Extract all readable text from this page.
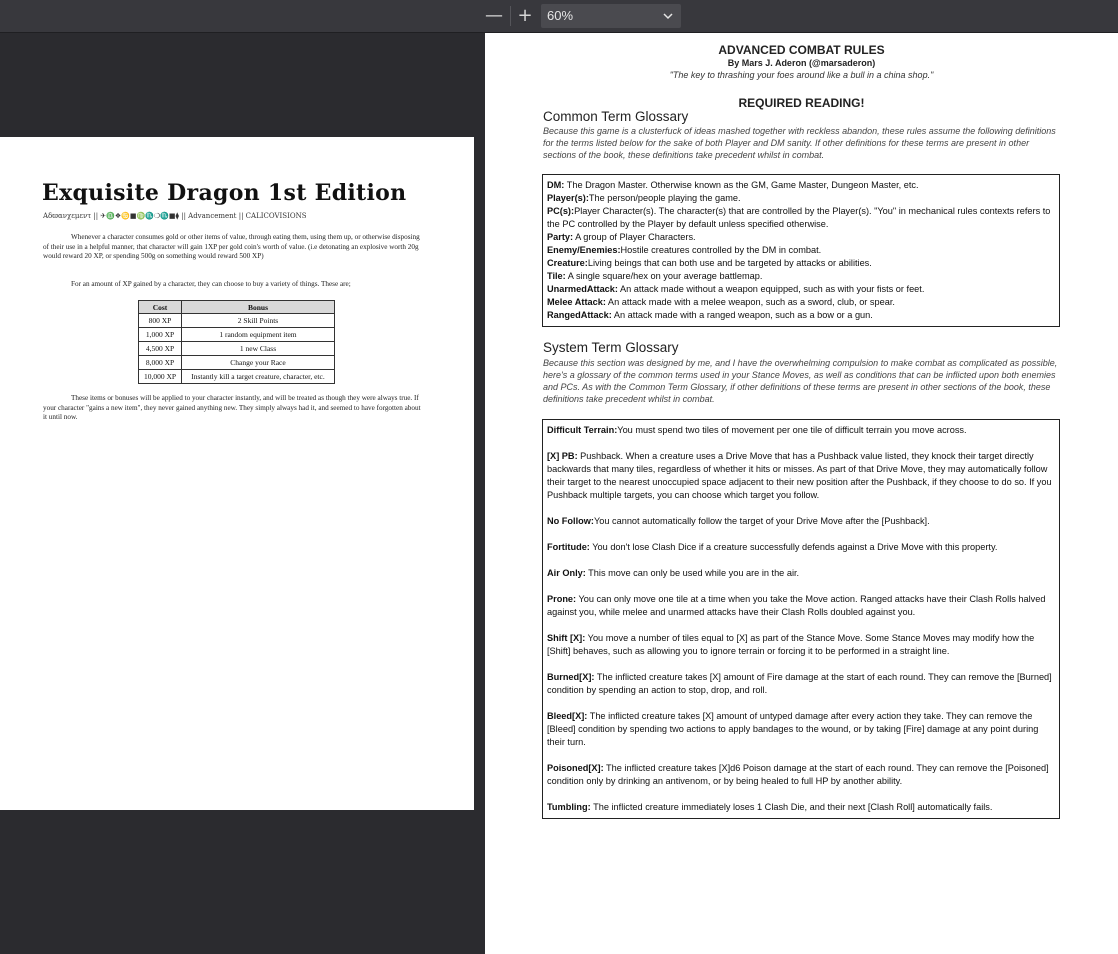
— +	60%
Exquisite Dragon 1st Edition
Aδϖανχεμεντ || ✈♎❖♋■♍♏❍♏■⧫ || Advancement || CALICOVISIONS

Whenever a character consumes gold or other items of value, through eating them, using them up, or otherwise disposing of their use in a helpful manner, that character will gain 1XP per gold coin's worth of value. (i.e detonating an explosive worth 20g would reward 20 XP, or spending 500g on something would reward 500 XP)

For an amount of XP gained by a character, they can choose to buy a variety of things. These are;

Cost	Bonus
800 XP	2 Skill Points
1,000 XP	1 random equipment item
4,500 XP	1 new Class
8,000 XP	Change your Race
10,000 XP	Instantly kill a target creature, character, etc.

These items or bonuses will be applied to your character instantly, and will be treated as though they were always true. If your character "gains a new item", they never gained anything new. They simply always had it, and seemed to have forgotten about it until now.

ADVANCED COMBAT RULES
By Mars J. Aderon (@marsaderon)
"The key to thrashing your foes around like a bull in a china shop."
REQUIRED READING!
Common Term Glossary

Because this game is a clusterfuck of ideas mashed together with reckless abandon, these rules assume the following definitions for the terms listed below for the sake of both Player and DM sanity. If other definitions for these terms are present in other sections of the book, these definitions take precedent whilst in combat.

DM: The Dragon Master. Otherwise known as the GM, Game Master, Dungeon Master, etc.

Player(s):The person/people playing the game.

PC(s):Player Character(s). The character(s) that are controlled by the Player(s). "You" in mechanical rules contexts refers to the PC controlled by the Player by default unless specified otherwise.

Party: A group of Player Characters.

Enemy/Enemies:Hostile creatures controlled by the DM in combat.

Creature:Living beings that can both use and be targeted by attacks or abilities.

Tile: A single square/hex on your average battlemap.

UnarmedAttack: An attack made without a weapon equipped, such as with your fists or feet.

Melee Attack: An attack made with a melee weapon, such as a sword, club, or spear.

RangedAttack: An attack made with a ranged weapon, such as a bow or a gun.

System Term Glossary

Because this section was designed by me, and I have the overwhelming compulsion to make combat as complicated as possible, here's a glossary of the common terms used in your Stance Moves, as well as conditions that can be inflicted upon both enemies and PCs. As with the Common Term Glossary, if other definitions of these terms are present in other sections of the book, these definitions take precedent whilst in combat.

Difficult Terrain:You must spend two tiles of movement per one tile of difficult terrain you move across.

[X] PB: Pushback. When a creature uses a Drive Move that has a Pushback value listed, they knock their target directly backwards that many tiles, regardless of whether it hits or misses. As part of that Drive Move, they may automatically follow their target to the nearest unoccupied space adjacent to their new position after the Pushback, if they choose to do so. If you Pushback multiple targets, you can choose which target you follow.

No Follow:You cannot automatically follow the target of your Drive Move after the [Pushback].

Fortitude: You don't lose Clash Dice if a creature successfully defends against a Drive Move with this property.

Air Only: This move can only be used while you are in the air.

Prone: You can only move one tile at a time when you take the Move action. Ranged attacks have their Clash Rolls halved against you, while melee and unarmed attacks have their Clash Rolls doubled against you.

Shift [X]: You move a number of tiles equal to [X] as part of the Stance Move. Some Stance Moves may modify how the [Shift] behaves, such as allowing you to ignore terrain or forcing it to be performed in a straight line.

Burned[X]: The inflicted creature takes [X] amount of Fire damage at the start of each round. They can remove the [Burned] condition by spending an action to stop, drop, and roll.

Bleed[X]: The inflicted creature takes [X] amount of untyped damage after every action they take. They can remove the [Bleed] condition by spending two actions to apply bandages to the wound, or by taking [Fire] damage at any point during their turn.

Poisoned[X]: The inflicted creature takes [X]d6 Poison damage at the start of each round. They can remove the [Poisoned] condition only by drinking an antivenom, or by being healed to full HP by another ability.

Tumbling: The inflicted creature immediately loses 1 Clash Die, and their next [Clash Roll] automatically fails.
